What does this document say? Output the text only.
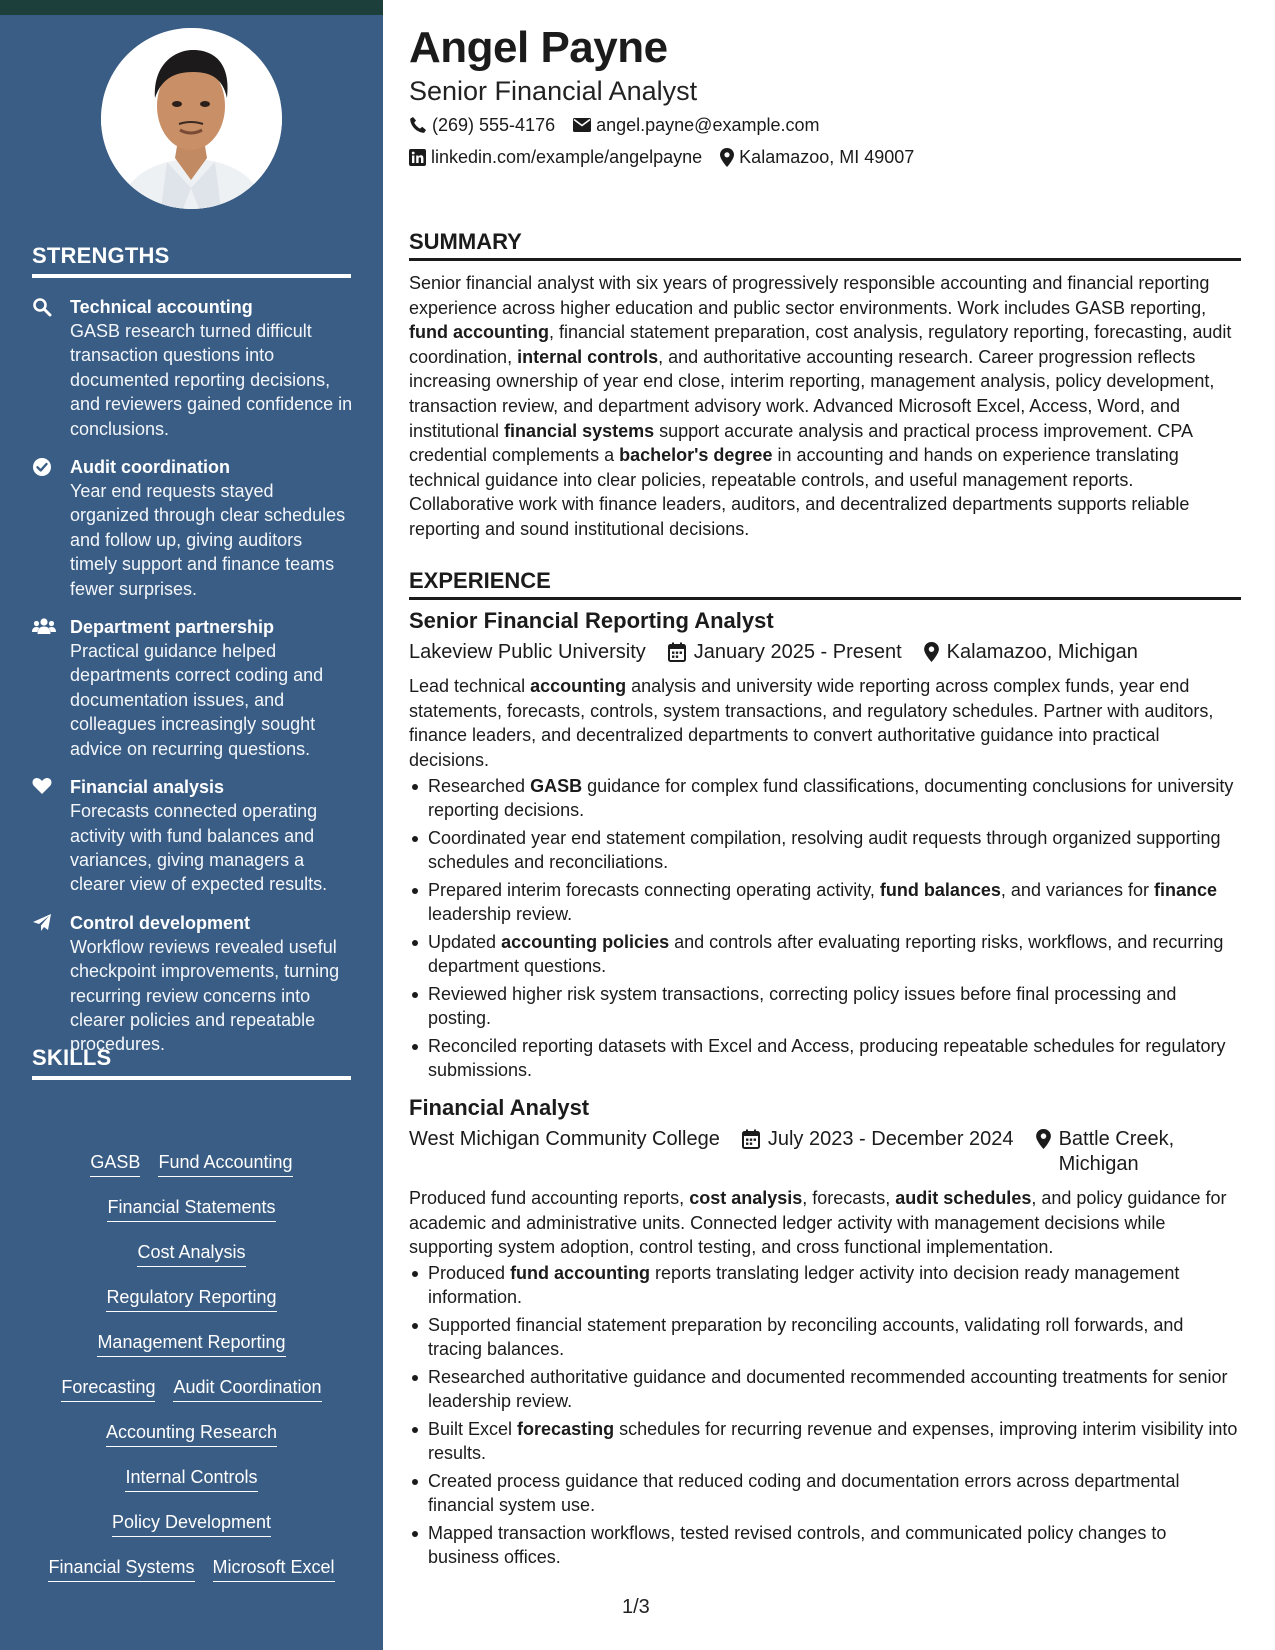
STRENGTHS
Technical accounting
GASB research turned difficult transaction questions into documented reporting decisions, and reviewers gained confidence in conclusions.
Audit coordination
Year end requests stayed organized through clear schedules and follow up, giving auditors timely support and finance teams fewer surprises.
Department partnership
Practical guidance helped departments correct coding and documentation issues, and colleagues increasingly sought advice on recurring questions.
Financial analysis
Forecasts connected operating activity with fund balances and variances, giving managers a clearer view of expected results.
Control development
Workflow reviews revealed useful checkpoint improvements, turning recurring review concerns into clearer policies and repeatable procedures.
SKILLS
GASB Fund Accounting
Financial Statements
Cost Analysis
Regulatory Reporting
Management Reporting
Forecasting Audit Coordination
Accounting Research
Internal Controls
Policy Development
Financial Systems Microsoft Excel
Angel Payne
Senior Financial Analyst
(269) 555-4176 angel.payne@example.com
linkedin.com/example/angelpayne Kalamazoo, MI 49007
SUMMARY

Senior financial analyst with six years of progressively responsible accounting and financial reporting experience across higher education and public sector environments. Work includes GASB reporting, fund accounting, financial statement preparation, cost analysis, regulatory reporting, forecasting, audit coordination, internal controls, and authoritative accounting research. Career progression reflects increasing ownership of year end close, interim reporting, management analysis, policy development, transaction review, and department advisory work. Advanced Microsoft Excel, Access, Word, and institutional financial systems support accurate analysis and practical process improvement. CPA credential complements a bachelor's degree in accounting and hands on experience translating technical guidance into clear policies, repeatable controls, and useful management reports. Collaborative work with finance leaders, auditors, and decentralized departments supports reliable reporting and sound institutional decisions.

EXPERIENCE
Senior Financial Reporting Analyst
Lakeview Public University January 2025 - Present Kalamazoo, Michigan

Lead technical accounting analysis and university wide reporting across complex funds, year end statements, forecasts, controls, system transactions, and regulatory schedules. Partner with auditors, finance leaders, and decentralized departments to convert authoritative guidance into practical decisions.

Researched GASB guidance for complex fund classifications, documenting conclusions for university reporting decisions.
Coordinated year end statement compilation, resolving audit requests through organized supporting schedules and reconciliations.
Prepared interim forecasts connecting operating activity, fund balances, and variances for finance leadership review.
Updated accounting policies and controls after evaluating reporting risks, workflows, and recurring department questions.
Reviewed higher risk system transactions, correcting policy issues before final processing and posting.
Reconciled reporting datasets with Excel and Access, producing repeatable schedules for regulatory submissions.
Financial Analyst
West Michigan Community College July 2023 - December 2024 Battle Creek, Michigan

Produced fund accounting reports, cost analysis, forecasts, audit schedules, and policy guidance for academic and administrative units. Connected ledger activity with management decisions while supporting system adoption, control testing, and cross functional implementation.

Produced fund accounting reports translating ledger activity into decision ready management information.
Supported financial statement preparation by reconciling accounts, validating roll forwards, and tracing balances.
Researched authoritative guidance and documented recommended accounting treatments for senior leadership review.
Built Excel forecasting schedules for recurring revenue and expenses, improving interim visibility into results.
Created process guidance that reduced coding and documentation errors across departmental financial system use.
Mapped transaction workflows, tested revised controls, and communicated policy changes to business offices.
1/3
